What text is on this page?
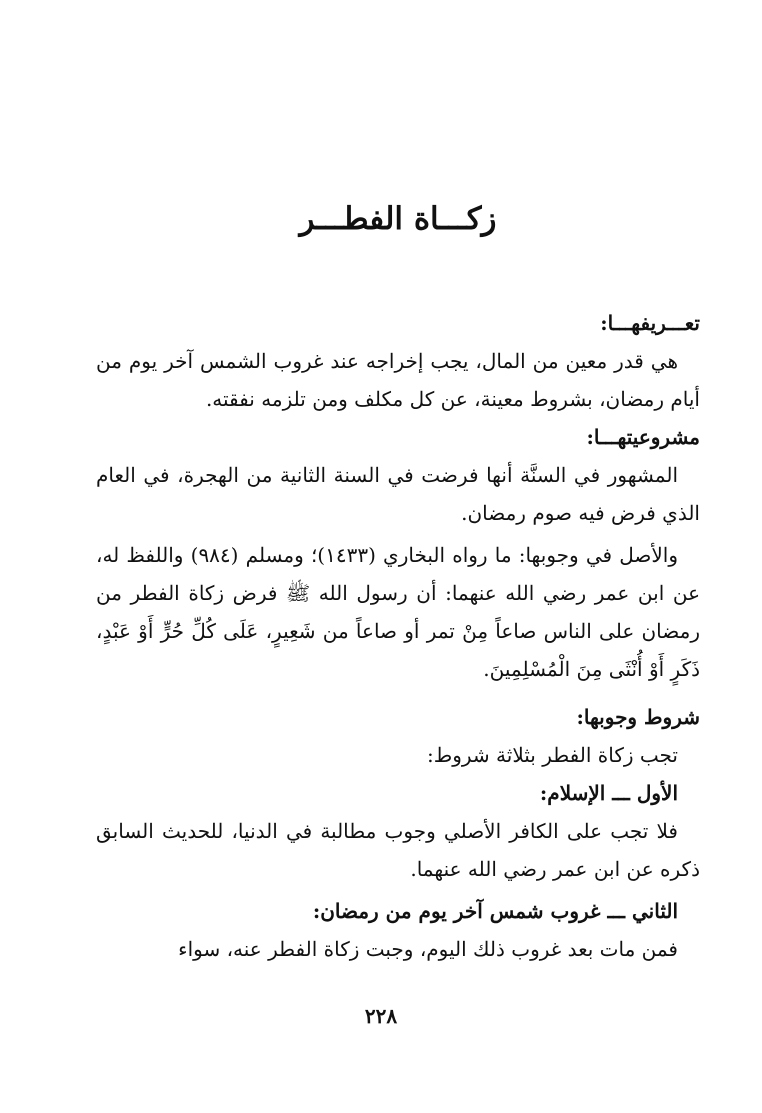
زكـــاة الفطـــر

تعـــريفهـــا:

هي قدر معين من المال، يجب إخراجه عند غروب الشمس آخر يوم من أيام رمضان، بشروط معينة، عن كل مكلف ومن تلزمه نفقته.

مشروعيتهـــا:

المشهور في السنَّة أنها فرضت في السنة الثانية من الهجرة، في العام الذي فرض فيه صوم رمضان.

والأصل في وجوبها: ما رواه البخاري (١٤٣٣)؛ ومسلم (٩٨٤) واللفظ له، عن ابن عمر رضي الله عنهما: أن رسول الله ﷺ فرض زكاة الفطر من رمضان على الناس صاعاً مِنْ تمر أو صاعاً من شَعِيرٍ، عَلَى كُلِّ حُرٍّ أَوْ عَبْدٍ، ذَكَرٍ أَوْ أُنْثَى مِنَ الْمُسْلِمِينَ.

شروط وجوبها:

تجب زكاة الفطر بثلاثة شروط:

الأول ـــ الإسلام:

فلا تجب على الكافر الأصلي وجوب مطالبة في الدنيا، للحديث السابق ذكره عن ابن عمر رضي الله عنهما.

الثاني ـــ غروب شمس آخر يوم من رمضان:

فمن مات بعد غروب ذلك اليوم، وجبت زكاة الفطر عنه، سواء

٢٢٨
